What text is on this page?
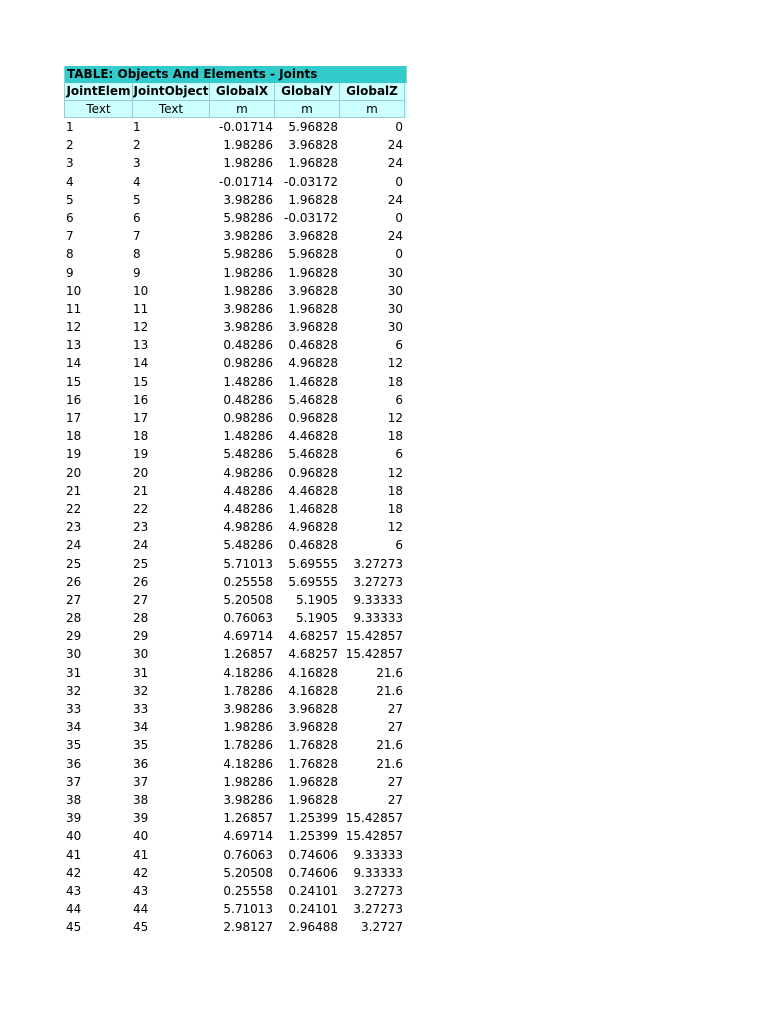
TABLE: Objects And Elements - Joints
JointElem JointObject GlobalX	GlobalY	GlobalZ
Text	Text	m	m	m
1	1	-0.01714	5.96828	0
2	2	1.98286	3.96828	24
3	3	1.98286	1.96828	24
4	4	-0.01714 -0.03172	0
5	5	3.98286	1.96828	24
6	6	5.98286 -0.03172	0
7	7	3.98286	3.96828	24
8	8	5.98286	5.96828	0
9	9	1.98286	1.96828	30
10	10	1.98286	3.96828	30
11	11	3.98286	1.96828	30
12	12	3.98286	3.96828	30
13	13	0.48286	0.46828	6
14	14	0.98286	4.96828	12
15	15	1.48286	1.46828	18
16	16	0.48286	5.46828	6
17	17	0.98286	0.96828	12
18	18	1.48286	4.46828	18
19	19	5.48286	5.46828	6
20	20	4.98286	0.96828	12
21	21	4.48286	4.46828	18
22	22	4.48286	1.46828	18
23	23	4.98286	4.96828	12
24	24	5.48286	0.46828	6
25	25	5.71013	5.69555	3.27273
26	26	0.25558	5.69555	3.27273
27	27	5.20508	5.1905	9.33333
28	28	0.76063	5.1905	9.33333
29	29	4.69714	4.68257 15.42857
30	30	1.26857	4.68257 15.42857
31	31	4.18286	4.16828	21.6
32	32	1.78286	4.16828	21.6
33	33	3.98286	3.96828	27
34	34	1.98286	3.96828	27
35	35	1.78286	1.76828	21.6
36	36	4.18286	1.76828	21.6
37	37	1.98286	1.96828	27
38	38	3.98286	1.96828	27
39	39	1.26857	1.25399 15.42857
40	40	4.69714	1.25399 15.42857
41	41	0.76063	0.74606	9.33333
42	42	5.20508	0.74606	9.33333
43	43	0.25558	0.24101	3.27273
44	44	5.71013	0.24101	3.27273
45	45	2.98127	2.96488	3.2727
